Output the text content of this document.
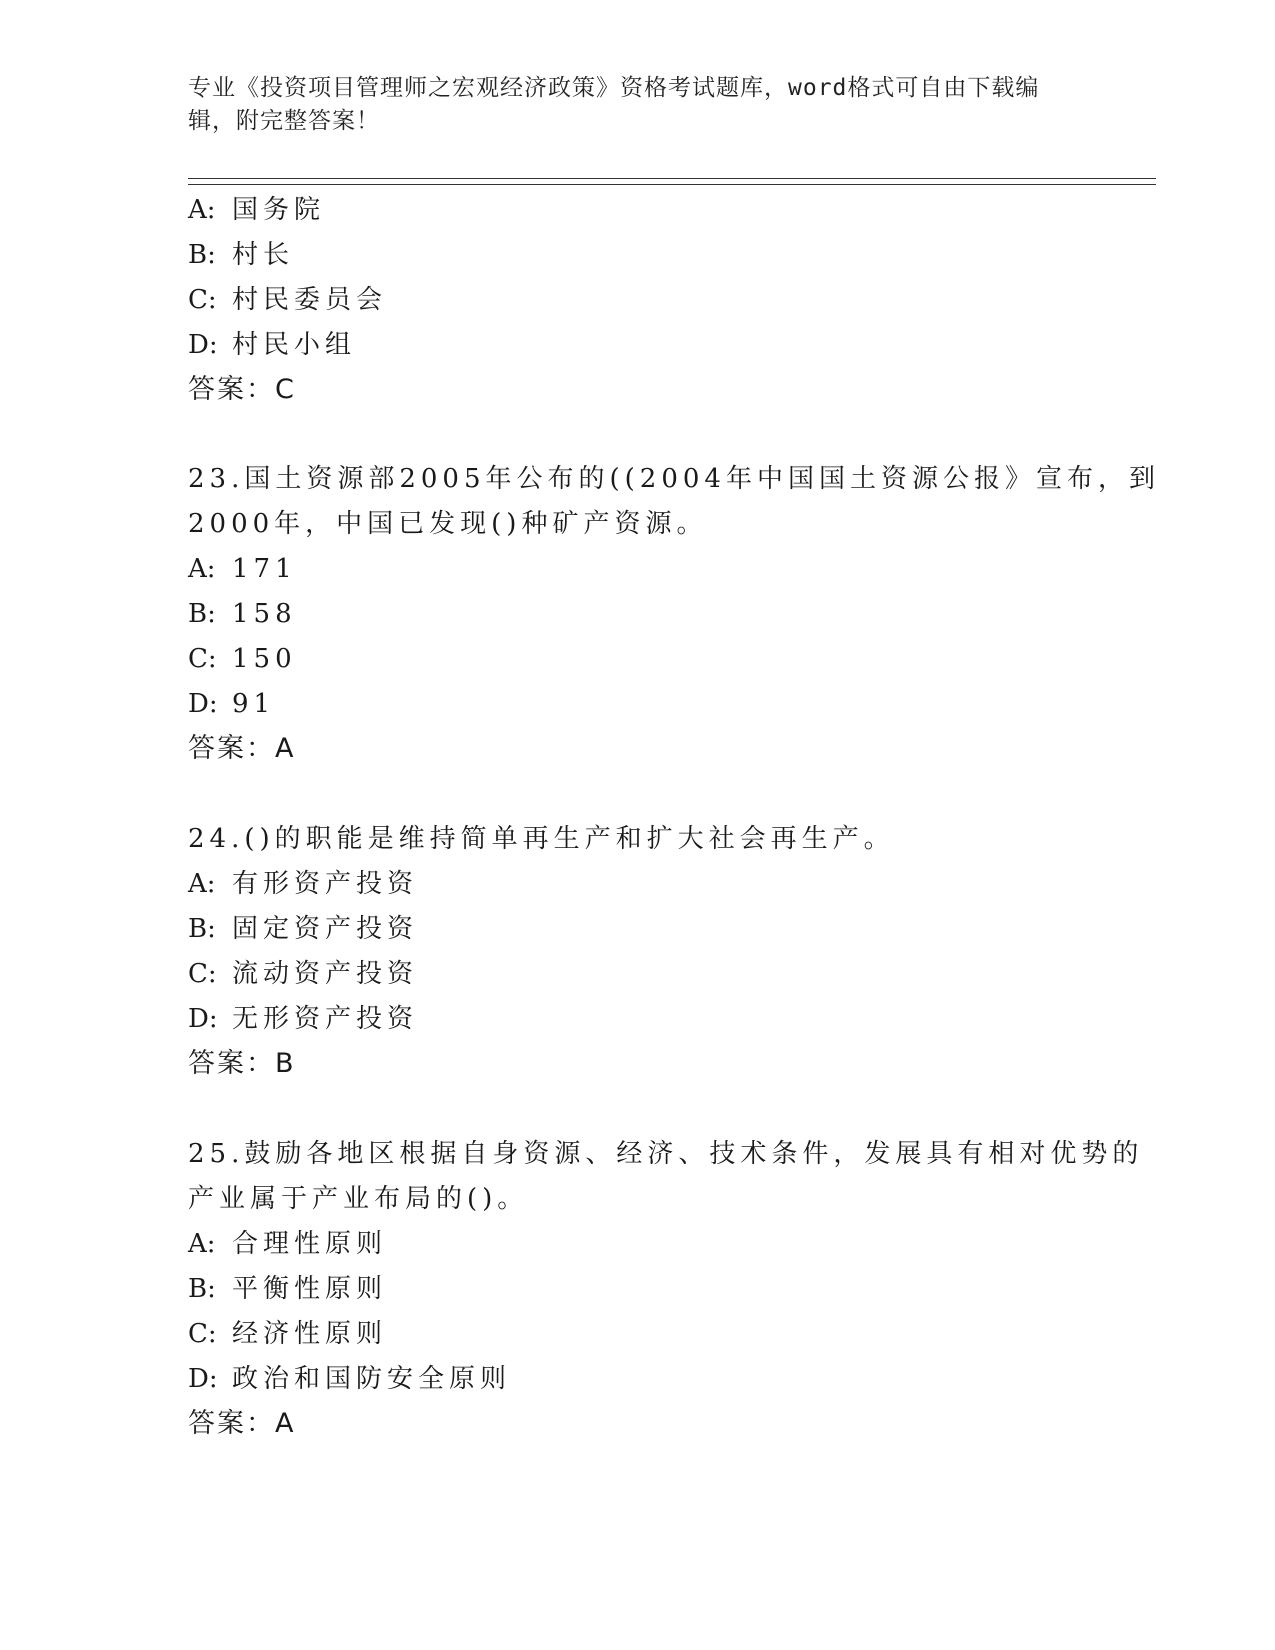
专业《投资项目管理师之宏观经济政策》资格考试题库，word格式可自由下载编
辑，附完整答案！
A: 国务院
B: 村长
C: 村民委员会
D: 村民小组
答案：C
23.国土资源部2005年公布的((2004年中国国土资源公报》宣布，到
2000年，中国已发现()种矿产资源。
A: 171
B: 158
C: 150
D: 91
答案：A
24.()的职能是维持简单再生产和扩大社会再生产。
A: 有形资产投资
B: 固定资产投资
C: 流动资产投资
D: 无形资产投资
答案：B
25.鼓励各地区根据自身资源、经济、技术条件，发展具有相对优势的
产业属于产业布局的()。
A: 合理性原则
B: 平衡性原则
C: 经济性原则
D: 政治和国防安全原则
答案：A
